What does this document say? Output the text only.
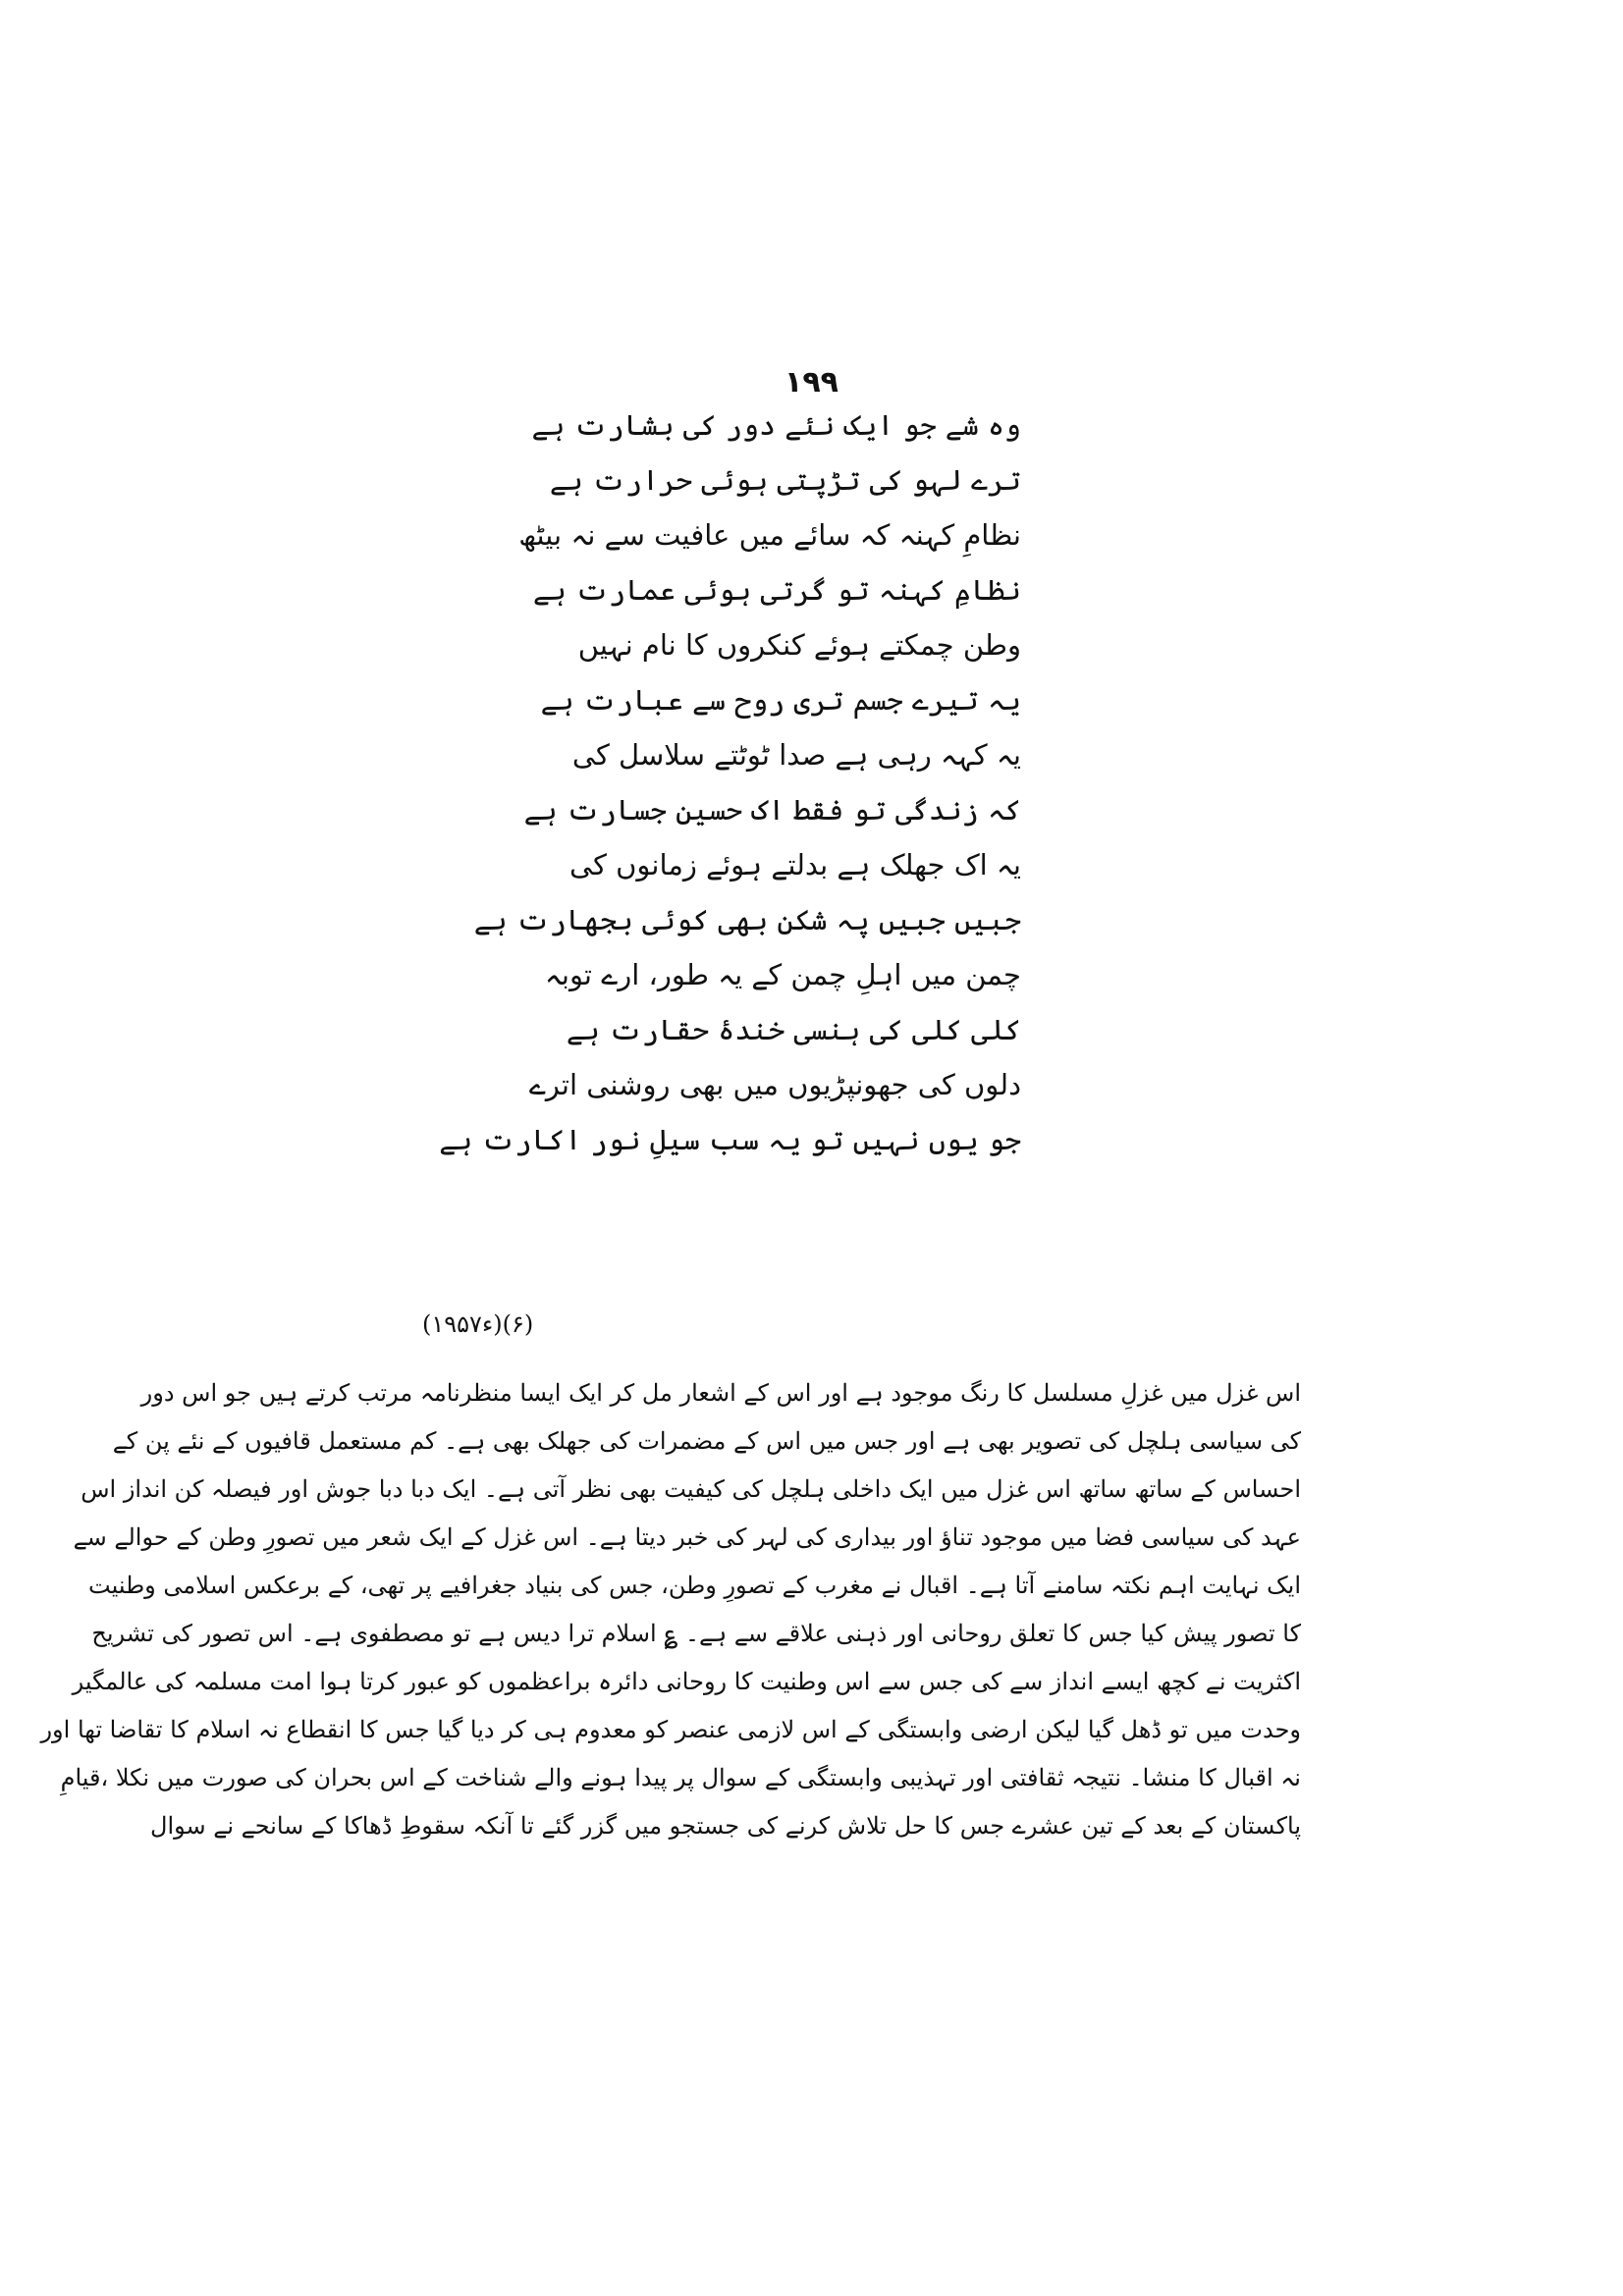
۱۹۹
وہ شے جو ایک نئے دور کی بشارت ہے
ترے لہو کی تڑپتی ہوئی حرارت ہے
نظامِ کہنہ کہ سائے میں عافیت سے نہ بیٹھ
نظامِ کہنہ تو گرتی ہوئی عمارت ہے
وطن چمکتے ہوئے کنکروں کا نام نہیں
یہ تیرے جسم تری روح سے عبارت ہے
یہ کہہ رہی ہے صدا ٹوٹتے سلاسل کی
کہ زندگی تو فقط اک حسین جسارت ہے
یہ اک جھلک ہے بدلتے ہوئے زمانوں کی
جبیں جبیں پہ شکن بھی کوئی بجھارت ہے
چمن میں اہلِ چمن کے یہ طور، ارے توبہ
کلی کلی کی ہنسی خندۂ حقارت ہے
دلوں کی جھونپڑیوں میں بھی روشنی اترے
جو یوں نہیں تو یہ سب سیلِ نور اکارت ہے
(۱۹۵۷ء)(۶)
اس غزل میں غزلِ مسلسل کا رنگ موجود ہے اور اس کے اشعار مل کر ایک ایسا منظرنامہ مرتب کرتے ہیں جو اس دور
کی سیاسی ہلچل کی تصویر بھی ہے اور جس میں اس کے مضمرات کی جھلک بھی ہے۔ کم مستعمل قافیوں کے نئے پن کے
احساس کے ساتھ ساتھ اس غزل میں ایک داخلی ہلچل کی کیفیت بھی نظر آتی ہے۔ ایک دبا دبا جوش اور فیصلہ کن انداز اس
عہد کی سیاسی فضا میں موجود تناؤ اور بیداری کی لہر کی خبر دیتا ہے۔ اس غزل کے ایک شعر میں تصورِ وطن کے حوالے سے
ایک نہایت اہم نکتہ سامنے آتا ہے۔ اقبال نے مغرب کے تصورِ وطن، جس کی بنیاد جغرافیے پر تھی، کے برعکس اسلامی وطنیت
کا تصور پیش کیا جس کا تعلق روحانی اور ذہنی علاقے سے ہے۔ ؏ اسلام ترا دیس ہے تو مصطفوی ہے۔ اس تصور کی تشریح
اکثریت نے کچھ ایسے انداز سے کی جس سے اس وطنیت کا روحانی دائرہ براعظموں کو عبور کرتا ہوا امت مسلمہ کی عالمگیر
وحدت میں تو ڈھل گیا لیکن ارضی وابستگی کے اس لازمی عنصر کو معدوم ہی کر دیا گیا جس کا انقطاع نہ اسلام کا تقاضا تھا اور
نہ اقبال کا منشا۔ نتیجہ ثقافتی اور تہذیبی وابستگی کے سوال پر پیدا ہونے والے شناخت کے اس بحران کی صورت میں نکلا ،قیامِ
پاکستان کے بعد کے تین عشرے جس کا حل تلاش کرنے کی جستجو میں گزر گئے تا آنکہ سقوطِ ڈھاکا کے سانحے نے سوال
